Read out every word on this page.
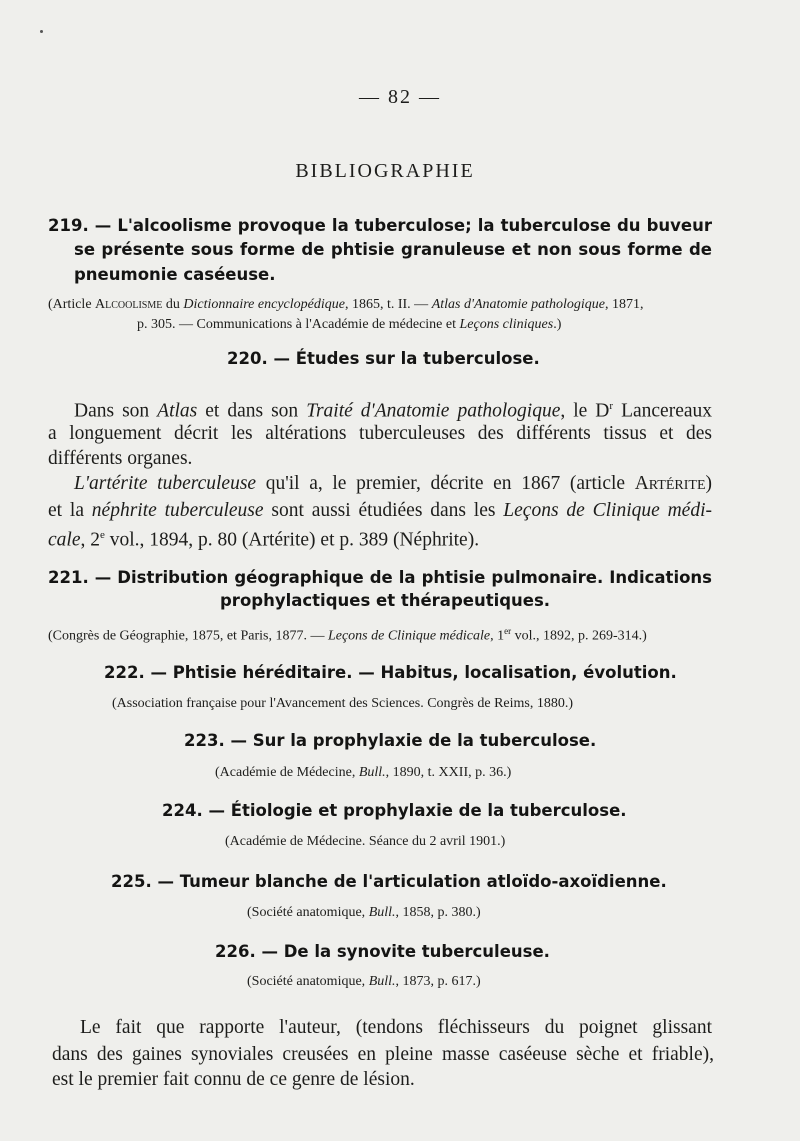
— 82 —
BIBLIOGRAPHIE
219. — L'alcoolisme provoque la tuberculose; la tuberculose du buveur
se présente sous forme de phtisie granuleuse et non sous forme de
pneumonie caséeuse.
(Article Alcoolisme du Dictionnaire encyclopédique, 1865, t. II. — Atlas d'Anatomie pathologique, 1871,
p. 305. — Communications à l'Académie de médecine et Leçons cliniques.)
220. — Études sur la tuberculose.
Dans son Atlas et dans son Traité d'Anatomie pathologique, le $D^r$ Lancereaux
a longuement décrit les altérations tuberculeuses des différents tissus et des
différents organes.
L'artérite tuberculeuse qu'il a, le premier, décrite en 1867 (article Artérite)
et la néphrite tuberculeuse sont aussi étudiées dans les Leçons de Clinique médi-
cale, 2e vol., 1894, p. 80 (Artérite) et p. 389 (Néphrite).
221. — Distribution géographique de la phtisie pulmonaire. Indications
prophylactiques et thérapeutiques.
(Congrès de Géographie, 1875, et Paris, 1877. — Leçons de Clinique médicale, 1er vol., 1892, p. 269-314.)
222. — Phtisie héréditaire. — Habitus, localisation, évolution.
(Association française pour l'Avancement des Sciences. Congrès de Reims, 1880.)
223. — Sur la prophylaxie de la tuberculose.
(Académie de Médecine, Bull., 1890, t. XXII, p. 36.)
224. — Étiologie et prophylaxie de la tuberculose.
(Académie de Médecine. Séance du 2 avril 1901.)
225. — Tumeur blanche de l'articulation atloïdo-axoïdienne.
(Société anatomique, Bull., 1858, p. 380.)
226. — De la synovite tuberculeuse.
(Société anatomique, Bull., 1873, p. 617.)
Le fait que rapporte l'auteur, (tendons fléchisseurs du poignet glissant
dans des gaines synoviales creusées en pleine masse caséeuse sèche et friable),
est le premier fait connu de ce genre de lésion.
